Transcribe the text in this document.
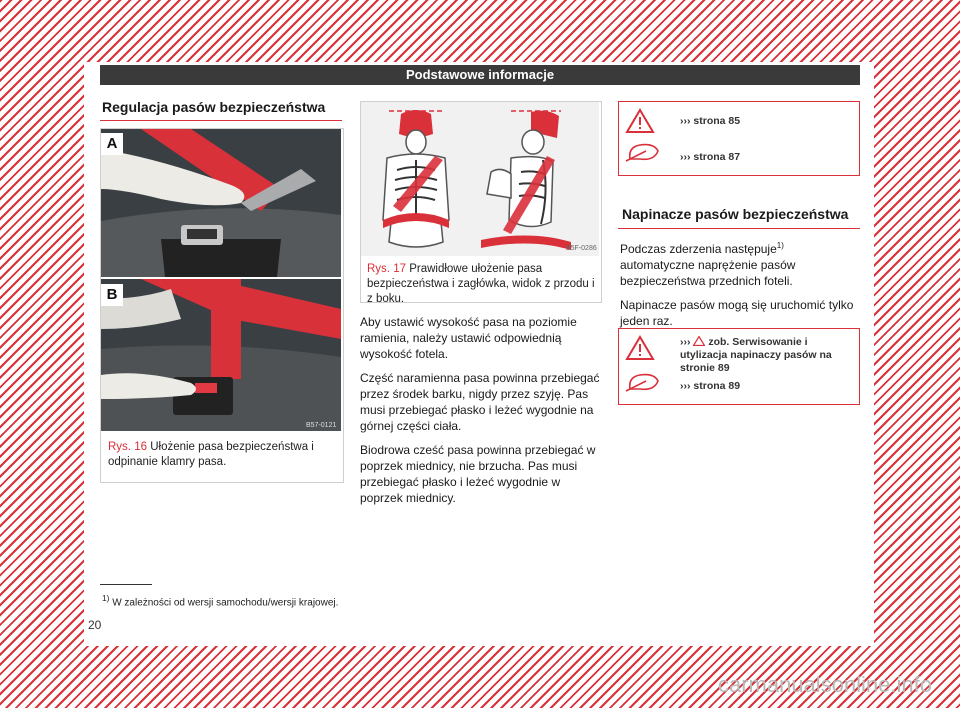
Podstawowe informacje
Regulacja pasów bezpieczeństwa
A
B
B57-0121
Rys. 16 Ułożenie pasa bezpieczeństwa i odpinanie klamry pasa.
$^{1)}$ W zależności od wersji samochodu/wersji krajowej.
20
B5F-0286
Rys. 17 Prawidłowe ułożenie pasa bezpieczeństwa i zagłówka, widok z przodu i z boku.

Aby ustawić wysokość pasa na poziomie ramienia, należy ustawić odpowiednią wysokość fotela.

Część naramienna pasa powinna przebiegać przez środek barku, nigdy przez szyję. Pas musi przebiegać płasko i leżeć wygodnie na górnej części ciała.

Biodrowa cześć pasa powinna przebiegać w poprzek miednicy, nie brzucha. Pas musi przebiegać płasko i leżeć wygodnie w poprzek miednicy.

››› strona 85
››› strona 87
Napinacze pasów bezpieczeństwa

Podczas zderzenia następuje$^{1)}$ automatyczne naprężenie pasów bezpieczeństwa przednich foteli.

Napinacze pasów mogą się uruchomić tylko jeden raz.

››› zob. Serwisowanie i utylizacja napinaczy pasów na stronie 89
››› strona 89
carmanualsonline.info
